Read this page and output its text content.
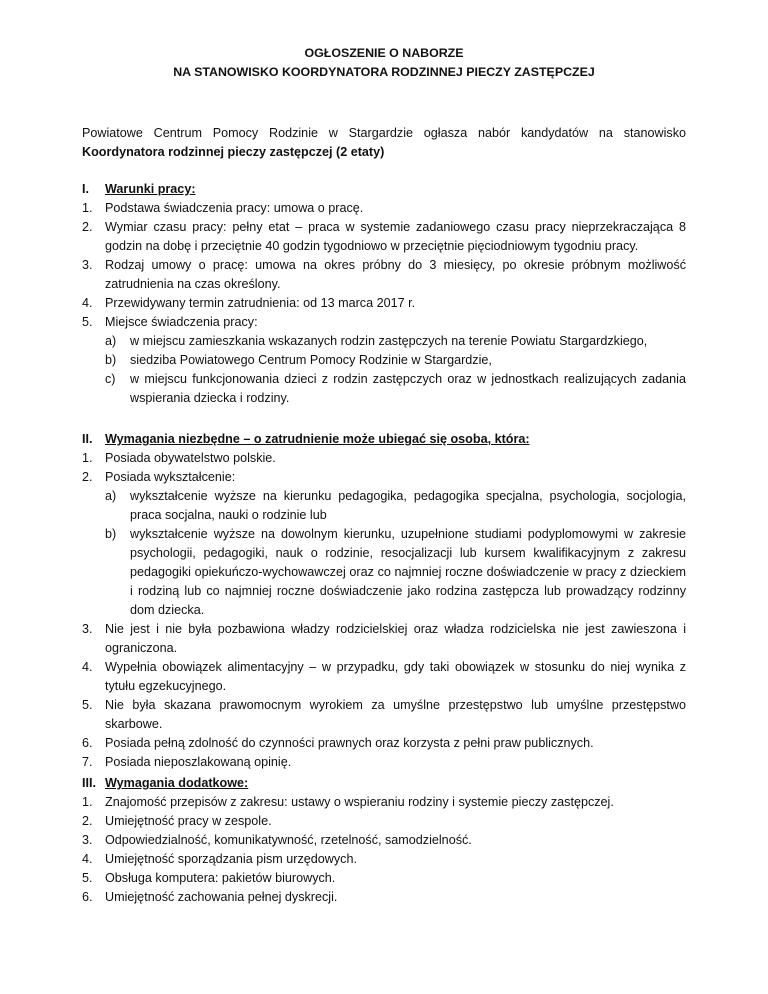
OGŁOSZENIE O NABORZE
NA STANOWISKO KOORDYNATORA RODZINNEJ PIECZY ZASTĘPCZEJ
Powiatowe Centrum Pomocy Rodzinie w Stargardzie ogłasza nabór kandydatów na stanowisko Koordynatora rodzinnej pieczy zastępczej (2 etaty)
I.	Warunki pracy:
1. Podstawa świadczenia pracy: umowa o pracę.
2. Wymiar czasu pracy: pełny etat – praca w systemie zadaniowego czasu pracy nieprzekraczająca 8 godzin na dobę i przeciętnie 40 godzin tygodniowo w przeciętnie pięciodniowym tygodniu pracy.
3. Rodzaj umowy o pracę: umowa na okres próbny do 3 miesięcy, po okresie próbnym możliwość zatrudnienia na czas określony.
4. Przewidywany termin zatrudnienia: od 13 marca 2017 r.
5. Miejsce świadczenia pracy:
a)	w miejscu zamieszkania wskazanych rodzin zastępczych na terenie Powiatu Stargardzkiego,
b)	siedziba Powiatowego Centrum Pomocy Rodzinie w Stargardzie,
c)	w miejscu funkcjonowania dzieci z rodzin zastępczych oraz w jednostkach realizujących zadania wspierania dziecka i rodziny.
II. Wymagania niezbędne – o zatrudnienie może ubiegać się osoba, która:
1. Posiada obywatelstwo polskie.
2. Posiada wykształcenie:
a)	wykształcenie wyższe na kierunku pedagogika, pedagogika specjalna, psychologia, socjologia, praca socjalna, nauki o rodzinie lub
b)	wykształcenie wyższe na dowolnym kierunku, uzupełnione studiami podyplomowymi w zakresie psychologii, pedagogiki, nauk o rodzinie, resocjalizacji lub kursem kwalifikacyjnym z zakresu pedagogiki opiekuńczo-wychowawczej oraz co najmniej roczne doświadczenie w pracy z dzieckiem i rodziną lub co najmniej roczne doświadczenie jako rodzina zastępcza lub prowadzący rodzinny dom dziecka.
3. Nie jest i nie była pozbawiona władzy rodzicielskiej oraz władza rodzicielska nie jest zawieszona i ograniczona.
4. Wypełnia obowiązek alimentacyjny – w przypadku, gdy taki obowiązek w stosunku do niej wynika z tytułu egzekucyjnego.
5. Nie była skazana prawomocnym wyrokiem za umyślne przestępstwo lub umyślne przestępstwo skarbowe.
6. Posiada pełną zdolność do czynności prawnych oraz korzysta z pełni praw publicznych.
7. Posiada nieposzlakowaną opinię.
III. Wymagania dodatkowe:
1. Znajomość przepisów z zakresu: ustawy o wspieraniu rodziny i systemie pieczy zastępczej.
2. Umiejętność pracy w zespole.
3. Odpowiedzialność, komunikatywność, rzetelność, samodzielność.
4. Umiejętność sporządzania pism urzędowych.
5. Obsługa komputera: pakietów biurowych.
6. Umiejętność zachowania pełnej dyskrecji.
